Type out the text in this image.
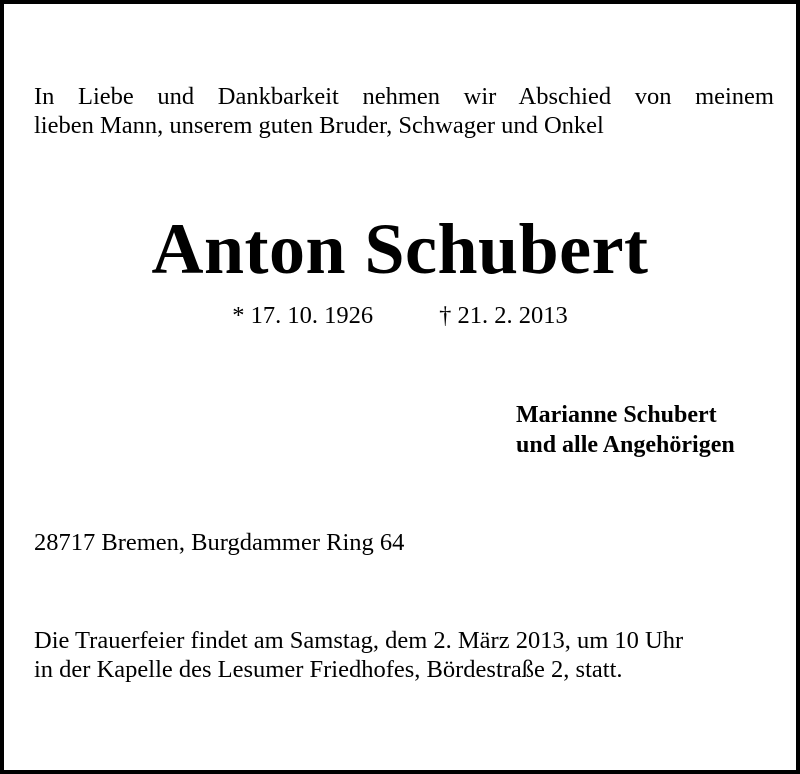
In Liebe und Dankbarkeit nehmen wir Abschied von meinem
lieben Mann, unserem guten Bruder, Schwager und Onkel

Anton Schubert

* 17. 10. 1926	† 21. 2. 2013

Marianne Schubert
und alle Angehörigen

28717 Bremen, Burgdammer Ring 64

Die Trauerfeier findet am Samstag, dem 2. März 2013, um 10 Uhr
in der Kapelle des Lesumer Friedhofes, Bördestraße 2, statt.
